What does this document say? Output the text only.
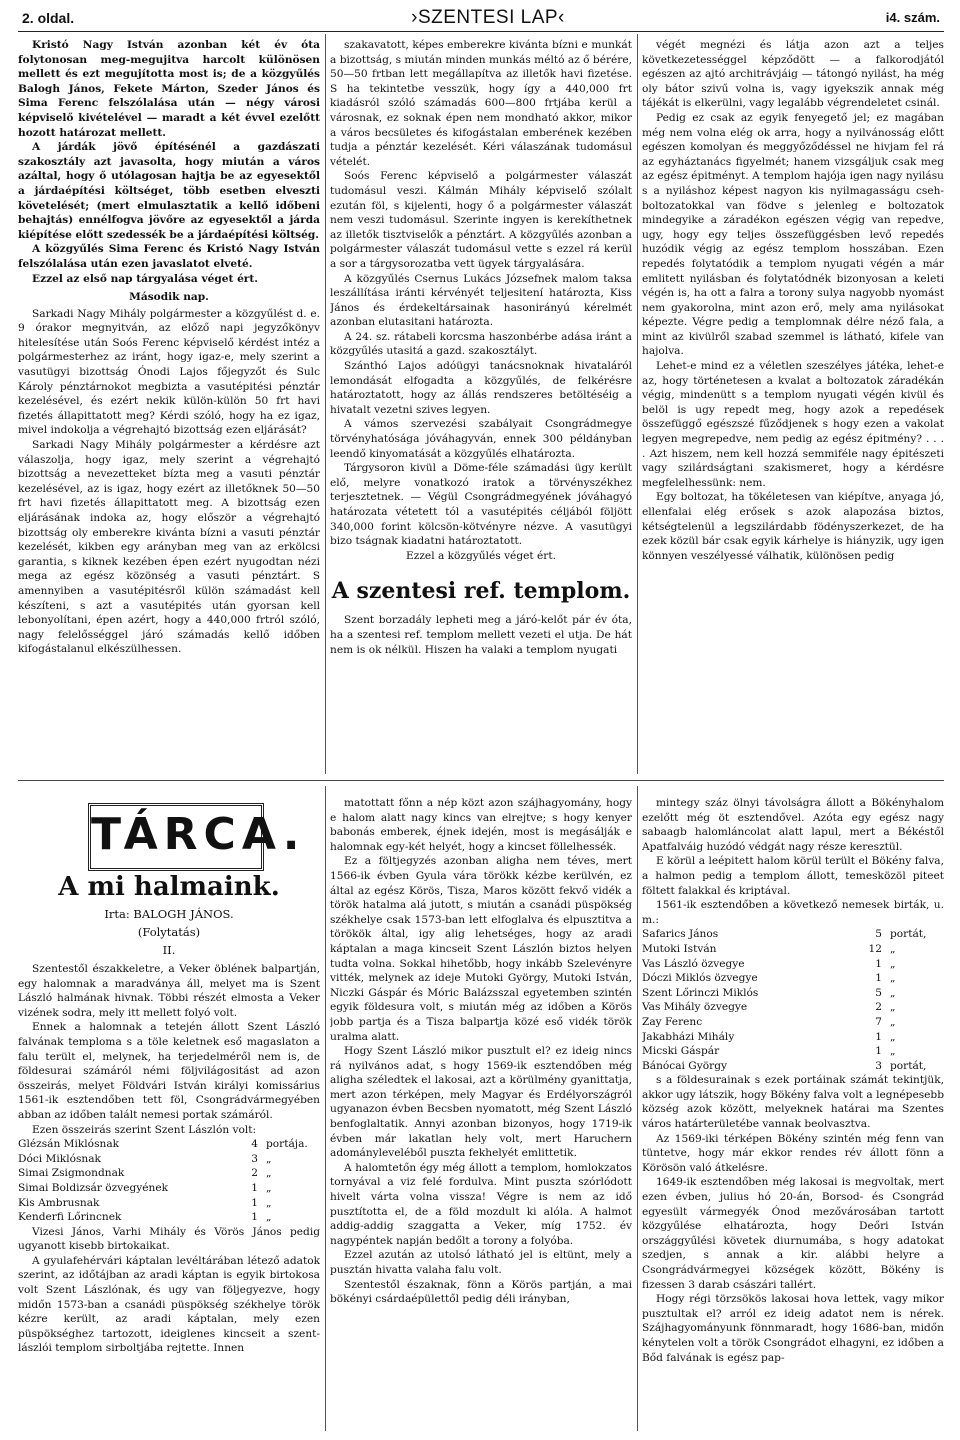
2. oldal.	›SZENTESI LAP‹	i4. szám.

Kristó Nagy István azonban két év óta folytonosan meg-megujitva harcolt különösen mellett és ezt megujította most is; de a közgyűlés Balogh János, Fekete Márton, Szeder János és Sima Ferenc felszólalása után — négy városi képviselő kivételével — maradt a két évvel ezelőtt hozott határozat mellett.

A járdák jövő építésénél a gazdászati szakosztály azt javasolta, hogy miután a város azáltal, hogy ő utólagosan hajtja be az egyesektől a járdaépítési költséget, több esetben elveszti követelését; (mert elmulasztatik a kellő időbeni behajtás) ennélfogva jövőre az egyesektől a járda kiépítése előtt szedessék be a járdaépítési költség.

A közgyűlés Sima Ferenc és Kristó Nagy István felszólalása után ezen javaslatot elveté.

Ezzel az első nap tárgyalása véget ért.

Második nap.

Sarkadi Nagy Mihály polgármester a közgyűlést d. e. 9 órakor megnyitván, az előző napi jegyzőkönyv hitelesítése után Soós Ferenc képviselő kérdést intéz a polgármesterhez az iránt, hogy igaz-e, mely szerint a vasutügyi bizottság Ónodi Lajos főjegyzőt és Sulc Károly pénztárnokot megbizta a vasutépitési pénztár kezelésével, és ezért nekik külön-külön 50 frt havi fizetés állapittatott meg? Kérdi szóló, hogy ha ez igaz, mivel indokolja a végrehajtó bizottság ezen eljárását?

Sarkadi Nagy Mihály polgármester a kérdésre azt válaszolja, hogy igaz, mely szerint a végrehajtó bizottság a nevezetteket bízta meg a vasuti pénztár kezelésével, az is igaz, hogy ezért az illetőknek 50—50 frt havi fizetés állapittatott meg. A bizottság ezen eljárásának indoka az, hogy először a végrehajtó bizottság oly emberekre kivánta bízni a vasuti pénztár kezelését, kikben egy arányban meg van az erkölcsi garantia, s kiknek kezében épen ezért nyugodtan nézi mega az egész közönség a vasuti pénztárt. S amennyiben a vasutépitésről külön számadást kell készíteni, s azt a vasutépités után gyorsan kell lebonyolítani, épen azért, hogy a 440,000 frtról szóló, nagy felelősséggel járó számadás kellő időben kifogástalanul elkészülhessen.

szakavatott, képes emberekre kivánta bízni e munkát a bizottság, s miután minden munkás méltó az ő bérére, 50—50 frtban lett megállapítva az illetők havi fizetése. S ha tekintetbe vesszük, hogy így a 440,000 frt kiadásról szóló számadás 600—800 frtjába kerül a városnak, ez soknak épen nem mondható akkor, mikor a város becsületes és kifogástalan emberének kezében tudja a pénztár kezelését. Kéri válaszának tudomásul vételét.

Soós Ferenc képviselő a polgármester válaszát tudomásul veszi. Kálmán Mihály képviselő szólalt ezután föl, s kijelenti, hogy ő a polgármester válaszát nem veszi tudomásul. Szerinte ingyen is kerekíthetnek az illetők tisztviselők a pénztárt. A közgyűlés azonban a polgármester válaszát tudomásul vette s ezzel rá kerül a sor a tárgysorozatba vett ügyek tárgyalására.

A közgyűlés Csernus Lukács Józsefnek malom taksa leszállítása iránti kérvényét teljesitení határozta, Kiss János és érdekeltársainak hasonirányú kérelmét azonban elutasitani határozta.

A 24. sz. rátabeli korcsma haszonbérbe adása iránt a közgyűlés utasitá a gazd. szakosztályt.

Szánthó Lajos adóügyi tanácsnoknak hivataláról lemondását elfogadta a közgyűlés, de felkérésre határoztatott, hogy az állás rendszeres betöltéséig a hivatalt vezetni szives legyen.

A vámos szervezési szabályait Csongrádmegye törvényhatósága jóváhagyván, ennek 300 példányban leendő kinyomatását a közgyűlés elhatározta.

Tárgysoron kivül a Döme-féle számadási ügy került elő, melyre vonatkozó iratok a törvényszékhez terjesztetnek. — Végül Csongrádmegyének jóváhagyó határozata vétetett tól a vasutépités céljából följött 340,000 forint kölcsön-kötvényre nézve. A vasutügyi bizo tságnak kiadatni határoztatott.

Ezzel a közgyűlés véget ért.

A szentesi ref. templom.

Szent borzadály lepheti meg a járó-kelőt pár év óta, ha a szentesi ref. templom mellett vezeti el utja. De hát nem is ok nélkül. Hiszen ha valaki a templom nyugati

végét megnézi és látja azon azt a teljes következetességgel képződött — a falkorodjától egészen az ajtó architrávjáig — tátongó nyilást, ha még oly bátor szivű volna is, vagy igyekszik annak még tájékát is elkerülni, vagy legalább végrendeletet csinál.

Pedig ez csak az egyik fenyegető jel; ez magában még nem volna elég ok arra, hogy a nyilvánosság előtt egészen komolyan és meggyőződéssel ne hivjam fel rá az egyháztanács figyelmét; hanem vizsgáljuk csak meg az egész épitményt. A templom hajója igen nagy nyilásu s a nyiláshoz képest nagyon kis nyilmagasságu cseh-boltozatokkal van födve s jelenleg e boltozatok mindegyike a záradékon egészen végig van repedve, ugy, hogy egy teljes összefüggésben levő repedés huzódik végig az egész templom hosszában. Ezen repedés folytatódik a templom nyugati végén a már emlitett nyilásban és folytatódnék bizonyosan a keleti végén is, ha ott a falra a torony sulya nagyobb nyomást nem gyakorolna, mint azon erő, mely ama nyilásokat képezte. Végre pedig a templomnak délre néző fala, a mint az kivülről szabad szemmel is látható, kifele van hajolva.

Lehet-e mind ez a véletlen szeszélyes játéka, lehet-e az, hogy történetesen a kvalat a boltozatok záradékán végig, mindenütt s a templom nyugati végén kivül és belöl is ugy repedt meg, hogy azok a repedések összefüggő egészszé fűződjenek s hogy ezen a vakolat legyen megrepedve, nem pedig az egész épitmény? . . . . Azt hiszem, nem kell hozzá semmiféle nagy épitészeti vagy szilárdságtani szakismeret, hogy a kérdésre megfelelhessünk: nem.

Egy boltozat, ha tökéletesen van kiépítve, anyaga jó, ellenfalai elég erősek s azok alapozása biztos, kétségtelenül a legszilárdabb födényszerkezet, de ha ezek közül bár csak egyik kárhelye is hiányzik, ugy igen könnyen veszélyessé válhatik, különösen pedig

TÁRCA.
A mi halmaink.
Irta: BALOGH JÁNOS.
(Folytatás)
II.

Szentestől északkeletre, a Veker öblének balpartján, egy halomnak a maradványa áll, melyet ma is Szent László halmának hivnak. Többi részét elmosta a Veker vizének sodra, mely itt mellett folyó volt.

Ennek a halomnak a tetején állott Szent László falvának temploma s a töle keletnek eső magaslaton a falu terült el, melynek, ha terjedelméről nem is, de földesurai számáról némi följvilágositást ad azon összeirás, melyet Földvári István királyi komissárius 1561-ik esztendőben tett föl, Csongrádvármegyében abban az időben talált nemesi portak számáról.

Ezen összeirás szerint Szent Lászlón volt:

Glézsán Miklósnak	4	portája.
Dóci Miklósnak	3	„
Simai Zsigmondnak	2	„
Simai Boldizsár özvegyének	1	„
Kis Ambrusnak	1	„
Kenderfi Lőrincnek	1	„

Vizesi János, Varhi Mihály és Vörös János pedig ugyanott kisebb birtokaikat.

A gyulafehérvári káptalan levéltárában létező adatok szerint, az időtájban az aradi káptan is egyik birtokosa volt Szent Lászlónak, és ugy van följegyezve, hogy midőn 1573-ban a csanádi püspökség székhelye török kézre került, az aradi káptalan, mely ezen püspökséghez tartozott, ideiglenes kincseit a szent-lászlói templom sirboltjába rejtette. Innen

matottatt főnn a nép közt azon szájhagyomány, hogy e halom alatt nagy kincs van elrejtve; s hogy kenyer babonás emberek, éjnek idején, most is megásálják e halomnak egy-két helyét, hogy a kincset föllelhessék.

Ez a föltjegyzés azonban aligha nem téves, mert 1566-ik évben Gyula vára törökk kézbe kerülvén, ez által az egész Körös, Tisza, Maros között fekvő vidék a török hatalma alá jutott, s miután a csanádi püspökség székhelye csak 1573-ban lett elfoglalva és elpusztitva a törökök által, igy alig lehetséges, hogy az aradi káptalan a maga kincseit Szent Lászlón biztos helyen tudta volna. Sokkal hihetőbb, hogy inkább Szelevényre vitték, melynek az ideje Mutoki György, Mutoki István, Niczki Gáspár és Móric Balázsszal egyetemben szintén egyik földesura volt, s miután még az időben a Körös jobb partja és a Tisza balpartja közé eső vidék török uralma alatt.

Hogy Szent László mikor pusztult el? ez ideig nincs rá nyilvános adat, s hogy 1569-ik esztendőben még aligha széledtek el lakosai, azt a körülmény gyanittatja, mert azon térképen, mely Magyar és Erdélyországról ugyanazon évben Becsben nyomatott, még Szent László benfoglaltatik. Annyi azonban bizonyos, hogy 1719-ik évben már lakatlan hely volt, mert Haruchern adományleveléből puszta fekhelyét emlittetik.

A halomtetőn égy még állott a templom, homlokzatos tornyával a viz felé fordulva. Mint puszta szórlódott hivelt várta volna vissza! Végre is nem az idő pusztította el, de a föld mozdult ki alóla. A halmot addig-addig szaggatta a Veker, míg 1752. év nagypéntek napján bedőlt a torony a folyóba.

Ezzel azután az utolsó látható jel is eltünt, mely a pusztán hivatta valaha falu volt.

Szentestől északnak, fönn a Körös partján, a mai bökényi csárdaépülettől pedig déli irányban,

mintegy száz ölnyi távolságra állott a Bökényhalom ezelőtt még öt esztendővel. Azóta egy egész nagy sabaagb halomláncolat alatt lapul, mert a Békéstől Apatfalváig huzódó védgát nagy része keresztül.

E körül a leépitett halom körül terült el Bökény falva, a halmon pedig a templom állott, temesközöl piteet föltett falakkal és kriptával.

1561-ik esztendőben a következő nemesek birták, u. m.:

Safarics János	5	portát,
Mutoki István	12	„
Vas László özvegye	1	„
Dóczi Miklós özvegye	1	„
Szent Lőrinczi Miklós	5	„
Vas Mihály özvegye	2	„
Zay Ferenc	7	„
Jakabházi Mihály	1	„
Micski Gáspár	1	„
Bánócai György	3	portát,

s a földesurainak s ezek portáinak számát tekintjük, akkor ugy látszik, hogy Bökény falva volt a legnépesebb község azok között, melyeknek határai ma Szentes város határterületébe vannak beolvasztva.

Az 1569-iki térképen Bökény szintén még fenn van tüntetve, hogy már ekkor rendes rév állott fönn a Körösön való átkelésre.

1649-ik esztendőben még lakosai is megvoltak, mert ezen évben, julius hó 20-án, Borsod- és Csongrád egyesült vármegyék Ónod mezővárosában tartott közgyűlése elhatározta, hogy Deőri István országgyűlési követek diurnumába, s hogy adatokat szedjen, s annak a kir. alábbi helyre a Csongrádvármegyei községek között, Bökény is fizessen 3 darab császári tallért.

Hogy régi törzsökös lakosai hova lettek, vagy mikor pusztultak el? arról ez ideig adatot nem is nérek. Szájhagyományunk fönnmaradt, hogy 1686-ban, midőn kénytelen volt a török Csongrádot elhagyni, ez időben a Bőd falvának is egész pap-
